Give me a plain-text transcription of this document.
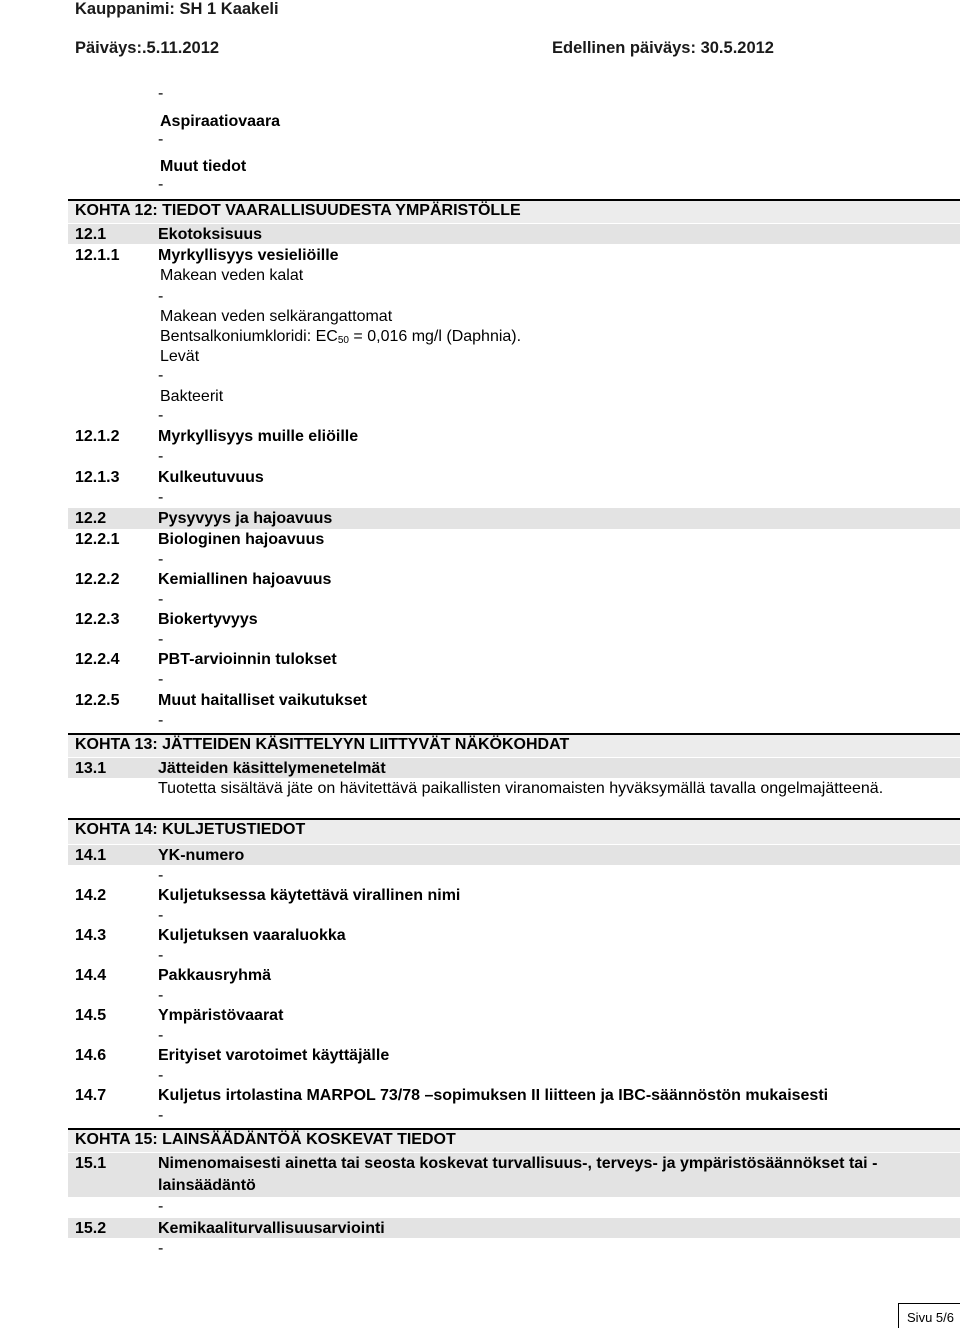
Kauppanimi: SH 1 Kaakeli
Päiväys:.5.11.2012	Edellinen päiväys: 30.5.2012
-
Aspiraatiovaara
-
Muut tiedot
-
KOHTA 12: TIEDOT VAARALLISUUDESTA YMPÄRISTÖLLE
12.1	Ekotoksisuus
12.1.1 Myrkyllisyys vesieliöille
Makean veden kalat
-
Makean veden selkärangattomat
Bentsalkoniumkloridi: $EC_{50} = 0,016$ mg/l (Daphnia).
Levät
-
Bakteerit
-
12.1.2 Myrkyllisyys muille eliöille
-
12.1.3 Kulkeutuvuus
-
12.2	Pysyvyys ja hajoavuus
12.2.1 Biologinen hajoavuus
-
12.2.2 Kemiallinen hajoavuus
-
12.2.3 Biokertyvyys
-
12.2.4 PBT-arvioinnin tulokset
-
12.2.5 Muut haitalliset vaikutukset
-
KOHTA 13: JÄTTEIDEN KÄSITTELYYN LIITTYVÄT NÄKÖKOHDAT
13.1	Jätteiden käsittelymenetelmät
Tuotetta sisältävä jäte on hävitettävä paikallisten viranomaisten hyväksymällä tavalla ongelmajätteenä.
KOHTA 14: KULJETUSTIEDOT
14.1	YK-numero
-
14.2	Kuljetuksessa käytettävä virallinen nimi
-
14.3	Kuljetuksen vaaraluokka
-
14.4	Pakkausryhmä
-
14.5	Ympäristövaarat
-
14.6	Erityiset varotoimet käyttäjälle
-
14.7	Kuljetus irtolastina MARPOL 73/78 –sopimuksen II liitteen ja IBC-säännöstön mukaisesti
-
KOHTA 15: LAINSÄÄDÄNTÖÄ KOSKEVAT TIEDOT
15.1	Nimenomaisesti ainetta tai seosta koskevat turvallisuus-, terveys- ja ympäristösäännökset tai -
lainsäädäntö
-
15.2	Kemikaaliturvallisuusarviointi
-
Sivu 5/6
